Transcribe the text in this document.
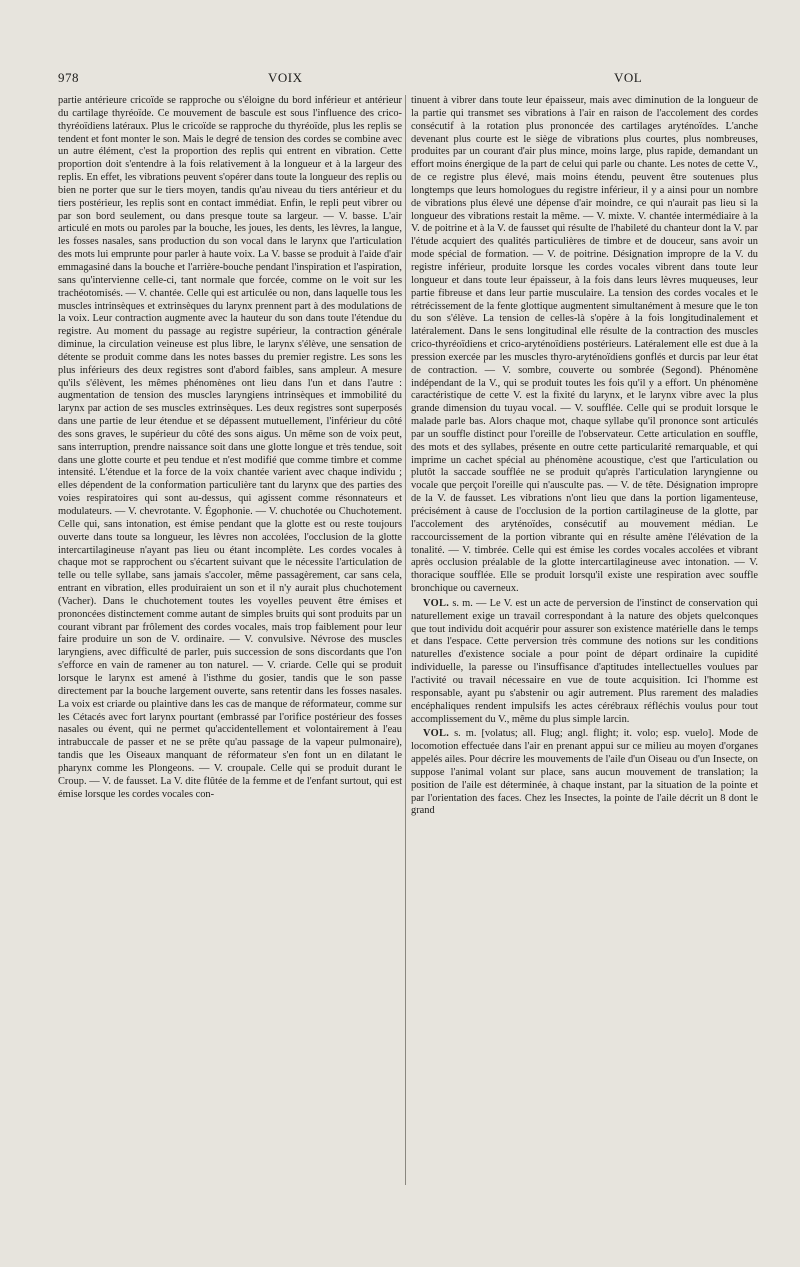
978	VOIX	VOL

partie antérieure cricoïde se rapproche ou s'éloigne du bord inférieur et antérieur du cartilage thyréoïde. Ce mouvement de bascule est sous l'influence des crico-thyréoïdiens latéraux. Plus le cricoïde se rapproche du thyréoïde, plus les replis se tendent et font monter le son. Mais le degré de tension des cordes se combine avec un autre élément, c'est la proportion des replis qui entrent en vibration. Cette proportion doit s'entendre à la fois relativement à la longueur et à la largeur des replis. En effet, les vibrations peuvent s'opérer dans toute la longueur des replis ou bien ne porter que sur le tiers moyen, tandis qu'au niveau du tiers antérieur et du tiers postérieur, les replis sont en contact immédiat. Enfin, le repli peut vibrer ou par son bord seulement, ou dans presque toute sa largeur. — V. basse. L'air articulé en mots ou paroles par la bouche, les joues, les dents, les lèvres, la langue, les fosses nasales, sans production du son vocal dans le larynx que l'articulation des mots lui emprunte pour parler à haute voix. La V. basse se produit à l'aide d'air emmagasiné dans la bouche et l'arrière-bouche pendant l'inspiration et l'aspiration, sans qu'intervienne celle-ci, tant normale que forcée, comme on le voit sur les trachéotomisés. — V. chantée. Celle qui est articulée ou non, dans laquelle tous les muscles intrinsèques et extrinsèques du larynx prennent part à des modulations de la voix. Leur contraction augmente avec la hauteur du son dans toute l'étendue du registre. Au moment du passage au registre supérieur, la contraction générale diminue, la circulation veineuse est plus libre, le larynx s'élève, une sensation de détente se produit comme dans les notes basses du premier registre. Les sons les plus inférieurs des deux registres sont d'abord faibles, sans ampleur. A mesure qu'ils s'élèvent, les mêmes phénomènes ont lieu dans l'un et dans l'autre : augmentation de tension des muscles laryngiens intrinsèques et immobilité du larynx par action de ses muscles extrinsèques. Les deux registres sont superposés dans une partie de leur étendue et se dépassent mutuellement, l'inférieur du côté des sons graves, le supérieur du côté des sons aigus. Un même son de voix peut, sans interruption, prendre naissance soit dans une glotte longue et très tendue, soit dans une glotte courte et peu tendue et n'est modifié que comme timbre et comme intensité. L'étendue et la force de la voix chantée varient avec chaque individu ; elles dépendent de la conformation particulière tant du larynx que des parties des voies respiratoires qui sont au-dessus, qui agissent comme résonnateurs et modulateurs. — V. chevrotante. V. Égophonie. — V. chuchotée ou Chuchotement. Celle qui, sans intonation, est émise pendant que la glotte est ou reste toujours ouverte dans toute sa longueur, les lèvres non accolées, l'occlusion de la glotte intercartilagineuse n'ayant pas lieu ou étant incomplète. Les cordes vocales à chaque mot se rapprochent ou s'écartent suivant que le nécessite l'articulation de telle ou telle syllabe, sans jamais s'accoler, même passagèrement, car sans cela, entrant en vibration, elles produiraient un son et il n'y aurait plus chuchotement (Vacher). Dans le chuchotement toutes les voyelles peuvent être émises et prononcées distinctement comme autant de simples bruits qui sont produits par un courant vibrant par frôlement des cordes vocales, mais trop faiblement pour leur faire produire un son de V. ordinaire. — V. convulsive. Névrose des muscles laryngiens, avec difficulté de parler, puis succession de sons discordants que l'on s'efforce en vain de ramener au ton naturel. — V. criarde. Celle qui se produit lorsque le larynx est amené à l'isthme du gosier, tandis que le son passe directement par la bouche largement ouverte, sans retentir dans les fosses nasales. La voix est criarde ou plaintive dans les cas de manque de réformateur, comme sur les Cétacés avec fort larynx pourtant (embrassé par l'orifice postérieur des fosses nasales ou évent, qui ne permet qu'accidentellement et volontairement à l'eau intrabuccale de passer et ne se prête qu'au passage de la vapeur pulmonaire), tandis que les Oiseaux manquant de réformateur s'en font un en dilatant le pharynx comme les Plongeons. — V. croupale. Celle qui se produit durant le Croup. — V. de fausset. La V. dite flûtée de la femme et de l'enfant surtout, qui est émise lorsque les cordes vocales con-

tinuent à vibrer dans toute leur épaisseur, mais avec diminution de la longueur de la partie qui transmet ses vibrations à l'air en raison de l'accolement des cordes consécutif à la rotation plus prononcée des cartilages aryténoïdes. L'anche devenant plus courte est le siège de vibrations plus courtes, plus nombreuses, produites par un courant d'air plus mince, moins large, plus rapide, demandant un effort moins énergique de la part de celui qui parle ou chante. Les notes de cette V., de ce registre plus élevé, mais moins étendu, peuvent être soutenues plus longtemps que leurs homologues du registre inférieur, il y a ainsi pour un nombre de vibrations plus élevé une dépense d'air moindre, ce qui n'aurait pas lieu si la longueur des vibrations restait la même. — V. mixte. V. chantée intermédiaire à la V. de poitrine et à la V. de fausset qui résulte de l'habileté du chanteur dont la V. par l'étude acquiert des qualités particulières de timbre et de douceur, sans avoir un mode spécial de formation. — V. de poitrine. Désignation impropre de la V. du registre inférieur, produite lorsque les cordes vocales vibrent dans toute leur longueur et dans toute leur épaisseur, à la fois dans leurs lèvres muqueuses, leur partie fibreuse et dans leur partie musculaire. La tension des cordes vocales et le rétrécissement de la fente glottique augmentent simultanément à mesure que le ton du son s'élève. La tension de celles-là s'opère à la fois longitudinalement et latéralement. Dans le sens longitudinal elle résulte de la contraction des muscles crico-thyréoïdiens et crico-aryténoïdiens postérieurs. Latéralement elle est due à la pression exercée par les muscles thyro-aryténoïdiens gonflés et durcis par leur état de contraction. — V. sombre, couverte ou sombrée (Segond). Phénomène indépendant de la V., qui se produit toutes les fois qu'il y a effort. Un phénomène caractéristique de cette V. est la fixité du larynx, et le larynx vibre avec la plus grande dimension du tuyau vocal. — V. soufflée. Celle qui se produit lorsque le malade parle bas. Alors chaque mot, chaque syllabe qu'il prononce sont articulés par un souffle distinct pour l'oreille de l'observateur. Cette articulation en souffle, des mots et des syllabes, présente en outre cette particularité remarquable, et qui imprime un cachet spécial au phénomène acoustique, c'est que l'articulation ou plutôt la saccade soufflée ne se produit qu'après l'articulation laryngienne ou vocale que perçoit l'oreille qui n'ausculte pas. — V. de tête. Désignation impropre de la V. de fausset. Les vibrations n'ont lieu que dans la portion ligamenteuse, précisément à cause de l'occlusion de la portion cartilagineuse de la glotte, par l'accolement des aryténoïdes, consécutif au mouvement médian. Le raccourcissement de la portion vibrante qui en résulte amène l'élévation de la tonalité. — V. timbrée. Celle qui est émise les cordes vocales accolées et vibrant après occlusion préalable de la glotte intercartilagineuse avec intonation. — V. thoracique soufflée. Elle se produit lorsqu'il existe une respiration avec souffle bronchique ou caverneux.

VOL. s. m. — Le V. est un acte de perversion de l'instinct de conservation qui naturellement exige un travail correspondant à la nature des objets quelconques que tout individu doit acquérir pour assurer son existence matérielle dans le temps et dans l'espace. Cette perversion très commune des notions sur les conditions naturelles d'existence sociale a pour point de départ ordinaire la cupidité individuelle, la paresse ou l'insuffisance d'aptitudes intellectuelles voulues par l'activité ou travail nécessaire en vue de toute acquisition. Ici l'homme est responsable, ayant pu s'abstenir ou agir autrement. Plus rarement des maladies encéphaliques rendent impulsifs les actes cérébraux réfléchis voulus pour tout accomplissement du V., même du plus simple larcin.

VOL. s. m. [volatus; all. Flug; angl. flight; it. volo; esp. vuelo]. Mode de locomotion effectuée dans l'air en prenant appui sur ce milieu au moyen d'organes appelés ailes. Pour décrire les mouvements de l'aile d'un Oiseau ou d'un Insecte, on suppose l'animal volant sur place, sans aucun mouvement de translation; la position de l'aile est déterminée, à chaque instant, par la situation de la pointe et par l'orientation des faces. Chez les Insectes, la pointe de l'aile décrit un 8 dont le grand
